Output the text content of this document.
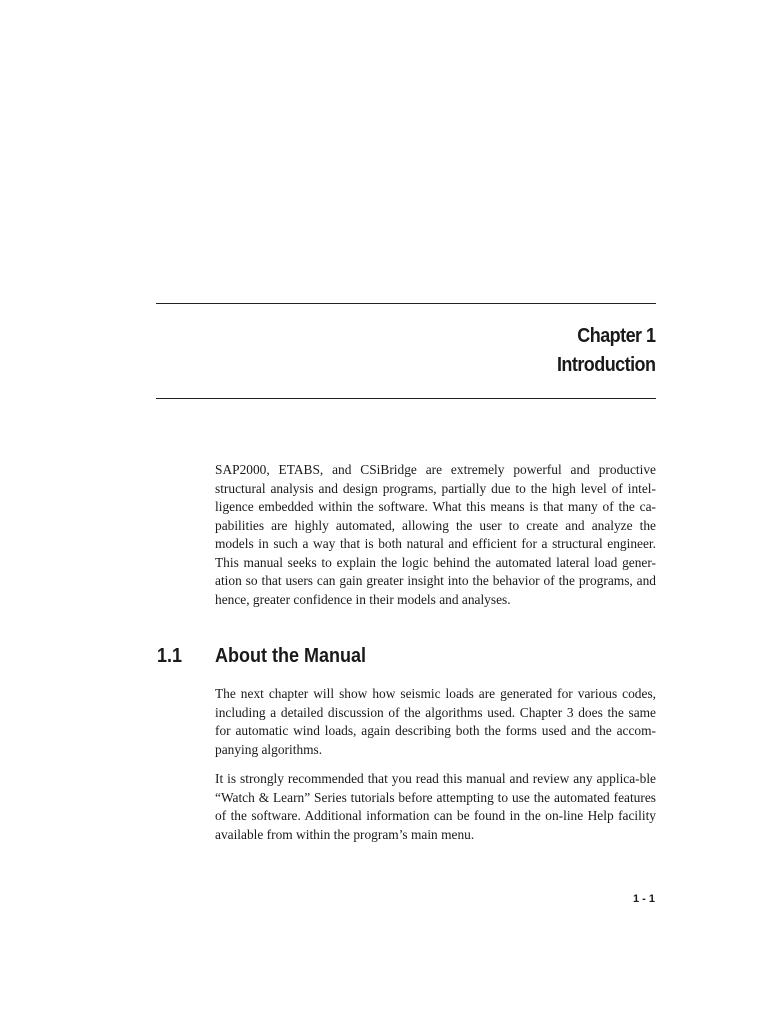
Chapter 1
Introduction

SAP2000, ETABS, and CSiBridge are extremely powerful and productive structural analysis and design programs, partially due to the high level of intel-ligence embedded within the software. What this means is that many of the ca-pabilities are highly automated, allowing the user to create and analyze the models in such a way that is both natural and efficient for a structural engineer. This manual seeks to explain the logic behind the automated lateral load gener-ation so that users can gain greater insight into the behavior of the programs, and hence, greater confidence in their models and analyses.

1.1 About the Manual

The next chapter will show how seismic loads are generated for various codes, including a detailed discussion of the algorithms used. Chapter 3 does the same for automatic wind loads, again describing both the forms used and the accom-panying algorithms.

It is strongly recommended that you read this manual and review any applica-ble “Watch & Learn” Series tutorials before attempting to use the automated features of the software. Additional information can be found in the on-line Help facility available from within the program’s main menu.

1 - 1
